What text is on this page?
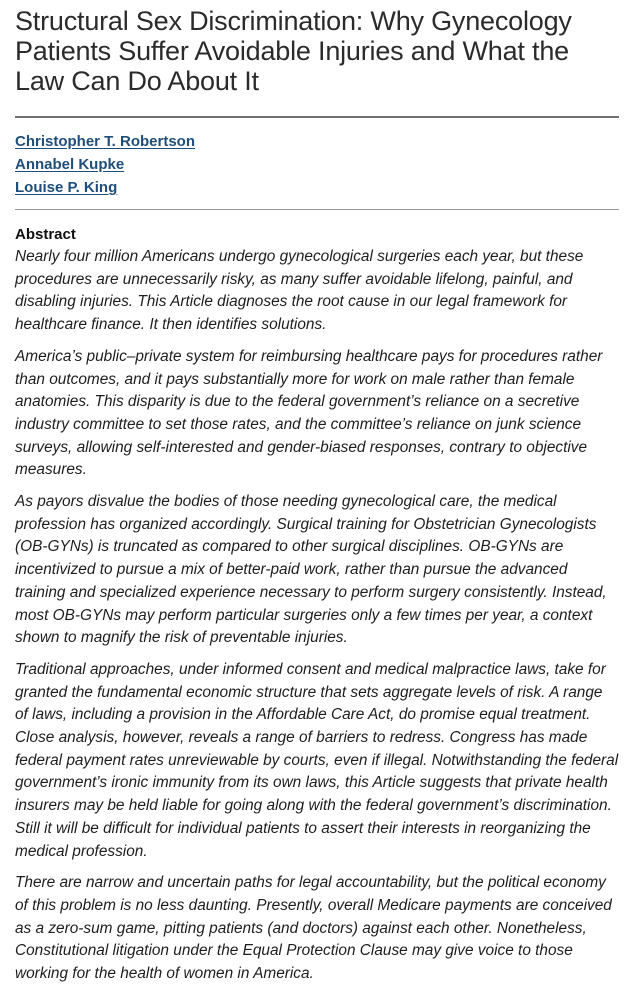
Structural Sex Discrimination: Why Gynecology Patients Suffer Avoidable Injuries and What the Law Can Do About It
Christopher T. Robertson
Annabel Kupke
Louise P. King
Abstract

Nearly four million Americans undergo gynecological surgeries each year, but these procedures are unnecessarily risky, as many suffer avoidable lifelong, painful, and disabling injuries. This Article diagnoses the root cause in our legal framework for healthcare finance. It then identifies solutions.

America’s public–private system for reimbursing healthcare pays for procedures rather than outcomes, and it pays substantially more for work on male rather than female anatomies. This disparity is due to the federal government’s reliance on a secretive industry committee to set those rates, and the committee’s reliance on junk science surveys, allowing self-interested and gender-biased responses, contrary to objective measures.

As payors disvalue the bodies of those needing gynecological care, the medical profession has organized accordingly. Surgical training for Obstetrician Gynecologists (OB-GYNs) is truncated as compared to other surgical disciplines. OB-GYNs are incentivized to pursue a mix of better-paid work, rather than pursue the advanced training and specialized experience necessary to perform surgery consistently. Instead, most OB-GYNs may perform particular surgeries only a few times per year, a context shown to magnify the risk of preventable injuries.

Traditional approaches, under informed consent and medical malpractice laws, take for granted the fundamental economic structure that sets aggregate levels of risk. A range of laws, including a provision in the Affordable Care Act, do promise equal treatment. Close analysis, however, reveals a range of barriers to redress. Congress has made federal payment rates unreviewable by courts, even if illegal. Notwithstanding the federal government’s ironic immunity from its own laws, this Article suggests that private health insurers may be held liable for going along with the federal government’s discrimination. Still it will be difficult for individual patients to assert their interests in reorganizing the medical profession.

There are narrow and uncertain paths for legal accountability, but the political economy of this problem is no less daunting. Presently, overall Medicare payments are conceived as a zero-sum game, pitting patients (and doctors) against each other. Nonetheless, Constitutional litigation under the Equal Protection Clause may give voice to those working for the health of women in America.
